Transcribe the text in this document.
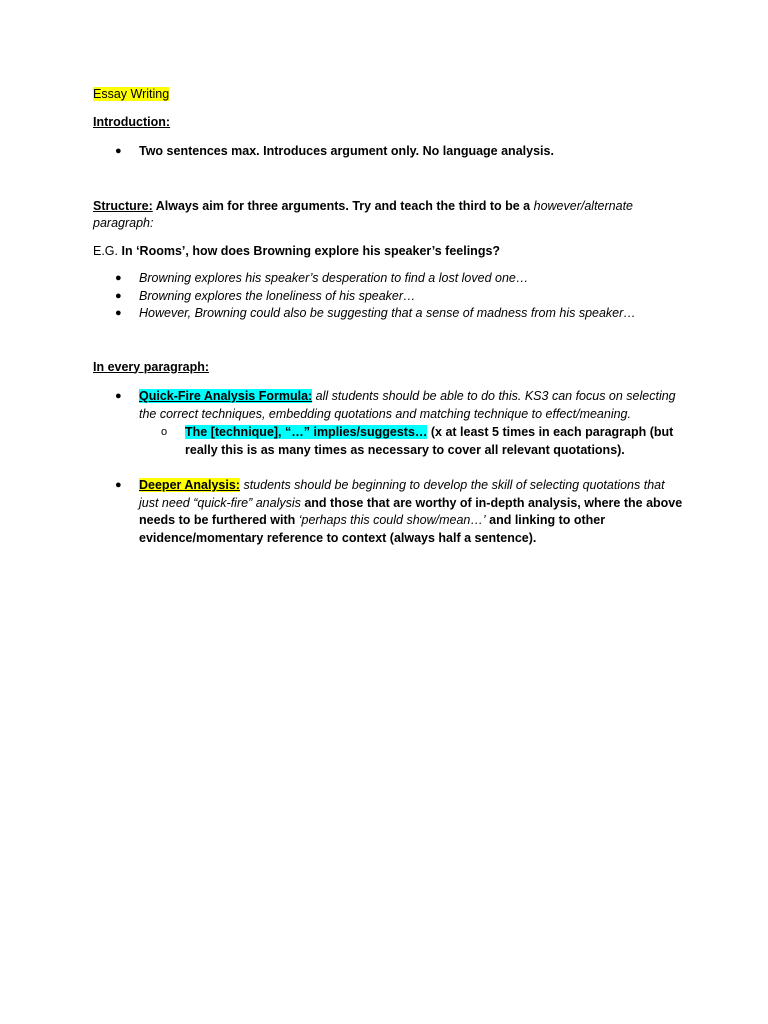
Essay Writing

Introduction:

● Two sentences max. Introduces argument only. No language analysis.

Structure: Always aim for three arguments. Try and teach the third to be a however/alternate paragraph:

E.G. In ‘Rooms’, how does Browning explore his speaker’s feelings?

● Browning explores his speaker’s desperation to find a lost loved one…
● Browning explores the loneliness of his speaker…
● However, Browning could also be suggesting that a sense of madness from his speaker…

In every paragraph:

● Quick-Fire Analysis Formula: all students should be able to do this. KS3 can focus on selecting the correct techniques, embedding quotations and matching technique to effect/meaning.
o The [technique], “…” implies/suggests… (x at least 5 times in each paragraph (but really this is as many times as necessary to cover all relevant quotations).
● Deeper Analysis: students should be beginning to develop the skill of selecting quotations that just need “quick-fire” analysis and those that are worthy of in-depth analysis, where the above needs to be furthered with ‘perhaps this could show/mean…’ and linking to other evidence/momentary reference to context (always half a sentence).
